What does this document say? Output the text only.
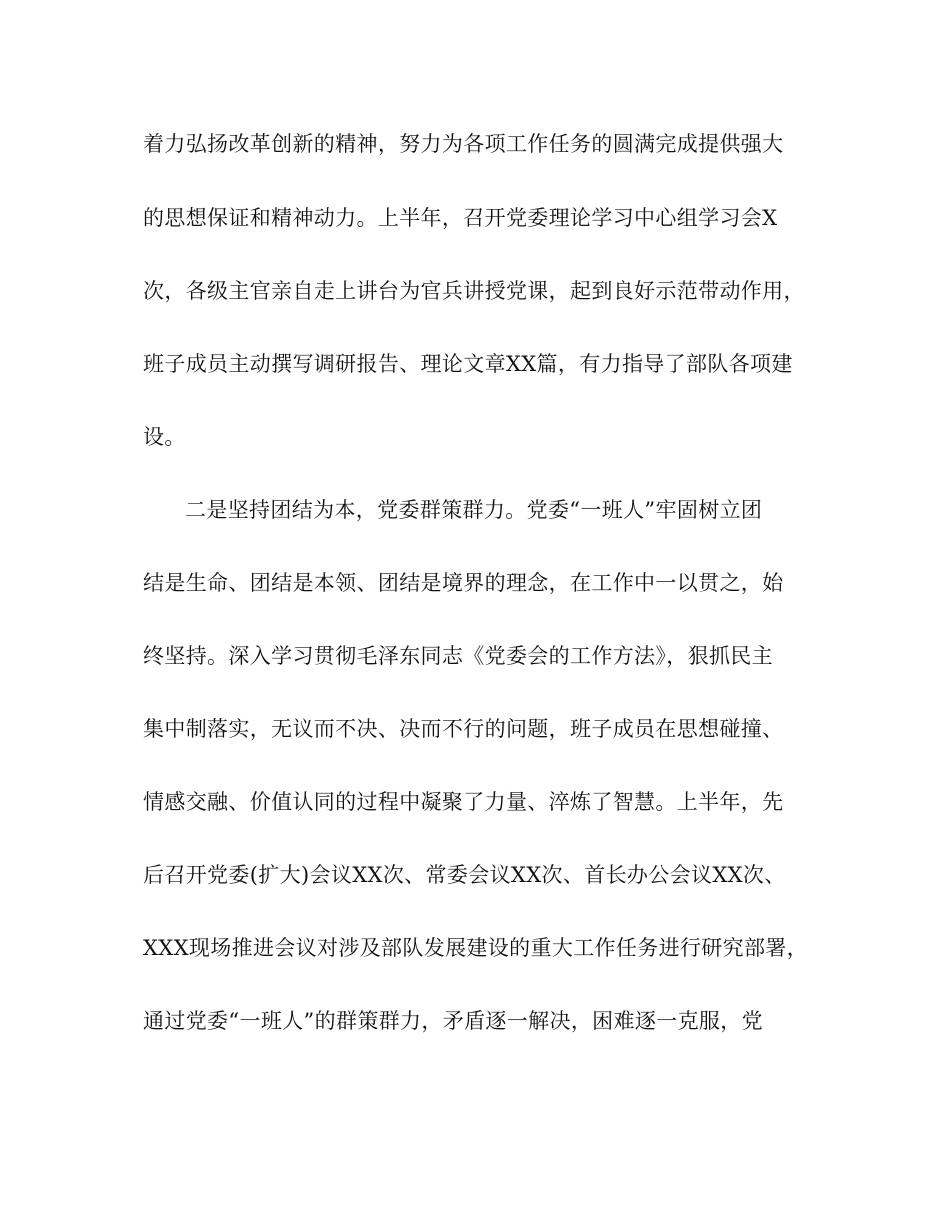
着力弘扬改革创新的精神，努力为各项工作任务的圆满完成提供强大
的思想保证和精神动力。上半年，召开党委理论学习中心组学习会X
次，各级主官亲自走上讲台为官兵讲授党课，起到良好示范带动作用，
班子成员主动撰写调研报告、理论文章XX篇，有力指导了部队各项建
设。
二是坚持团结为本，党委群策群力。党委“一班人”牢固树立团
结是生命、团结是本领、团结是境界的理念，在工作中一以贯之，始
终坚持。深入学习贯彻毛泽东同志《党委会的工作方法》，狠抓民主
集中制落实，无议而不决、决而不行的问题，班子成员在思想碰撞、
情感交融、价值认同的过程中凝聚了力量、淬炼了智慧。上半年，先
后召开党委(扩大)会议XX次、常委会议XX次、首长办公会议XX次、
XXX现场推进会议对涉及部队发展建设的重大工作任务进行研究部署，
通过党委“一班人”的群策群力，矛盾逐一解决，困难逐一克服，党
